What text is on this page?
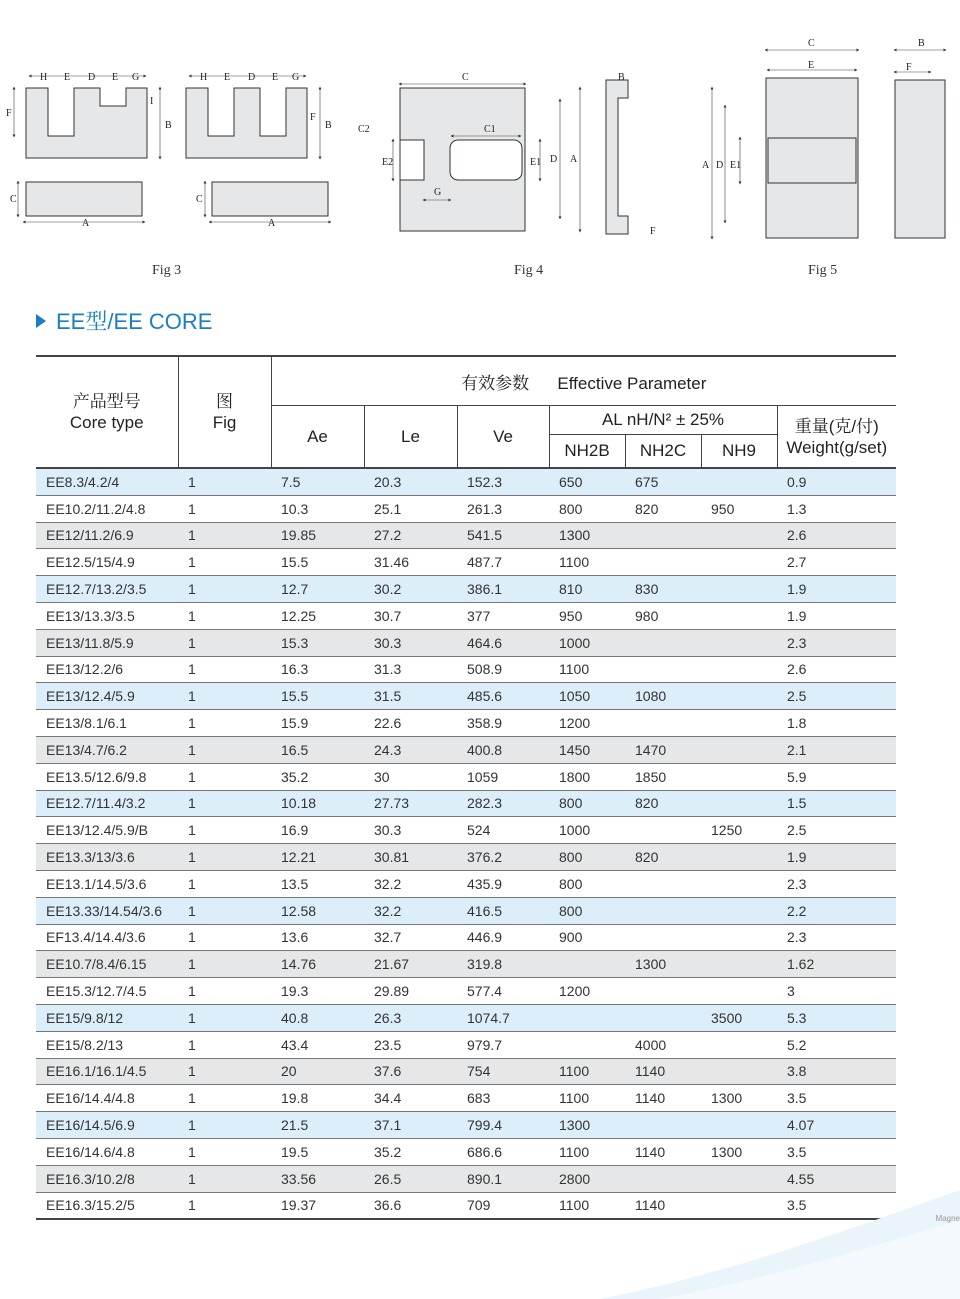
H E D E G	H E D E G
F
I
B
F
B
A
C
A
C
C
C1
C2
E2
G
E1 D A
B
F
C
E
A D E1
B
F
Fig 3	Fig 4	Fig 5
EE型/EE CORE
产品型号
Core type	图
Fig	有效参数 Effective Parameter						
		Ae	Le	Ve	AL nH/N² ± 25%			重量(克/付)
Weight(g/set)

					NH2B	NH2C	NH9	
EE8.3/4.2/4	1	7.5	20.3	152.3	650	675		0.9
EE10.2/11.2/4.8	1	10.3	25.1	261.3	800	820	950	1.3
EE12/11.2/6.9	1	19.85	27.2	541.5	1300			2.6
EE12.5/15/4.9	1	15.5	31.46	487.7	1100			2.7
EE12.7/13.2/3.5	1	12.7	30.2	386.1	810	830		1.9
EE13/13.3/3.5	1	12.25	30.7	377	950	980		1.9
EE13/11.8/5.9	1	15.3	30.3	464.6	1000			2.3
EE13/12.2/6	1	16.3	31.3	508.9	1100			2.6
EE13/12.4/5.9	1	15.5	31.5	485.6	1050	1080		2.5
EE13/8.1/6.1	1	15.9	22.6	358.9	1200			1.8
EE13/4.7/6.2	1	16.5	24.3	400.8	1450	1470		2.1
EE13.5/12.6/9.8	1	35.2	30	1059	1800	1850		5.9
EE12.7/11.4/3.2	1	10.18	27.73	282.3	800	820		1.5
EE13/12.4/5.9/B	1	16.9	30.3	524	1000		1250	2.5
EE13.3/13/3.6	1	12.21	30.81	376.2	800	820		1.9
EE13.1/14.5/3.6	1	13.5	32.2	435.9	800			2.3
EE13.33/14.54/3.6	1	12.58	32.2	416.5	800			2.2
EF13.4/14.4/3.6	1	13.6	32.7	446.9	900			2.3
EE10.7/8.4/6.15	1	14.76	21.67	319.8		1300		1.62
EE15.3/12.7/4.5	1	19.3	29.89	577.4	1200			3
EE15/9.8/12	1	40.8	26.3	1074.7			3500	5.3
EE15/8.2/13	1	43.4	23.5	979.7		4000		5.2
EE16.1/16.1/4.5	1	20	37.6	754	1100	1140		3.8
EE16/14.4/4.8	1	19.8	34.4	683	1100	1140	1300	3.5
EE16/14.5/6.9	1	21.5	37.1	799.4	1300			4.07
EE16/14.6/4.8	1	19.5	35.2	686.6	1100	1140	1300	3.5
EE16.3/10.2/8	1	33.56	26.5	890.1	2800			4.55
EE16.3/15.2/5	1	19.37	36.6	709	1100	1140		3.5
Magne
